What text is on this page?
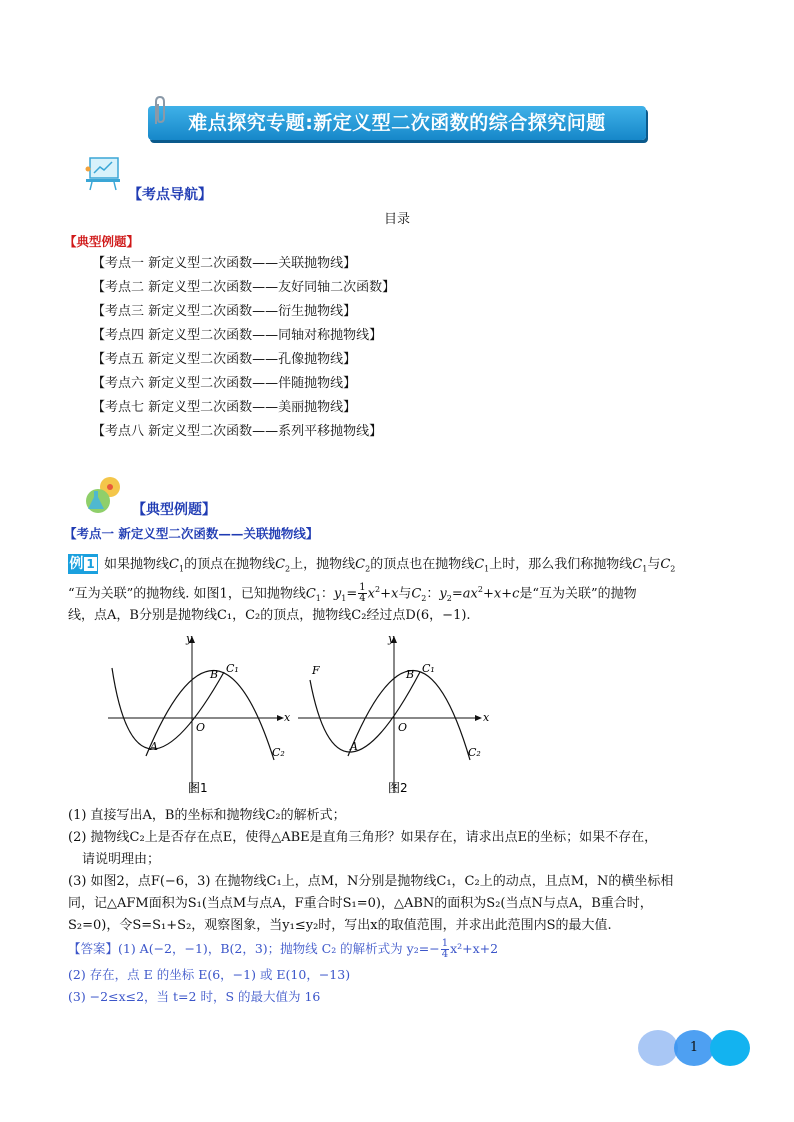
难点探究专题:新定义型二次函数的综合探究问题
【考点导航】
目录
【典型例题】
【考点一 新定义型二次函数——关联抛物线】
【考点二 新定义型二次函数——友好同轴二次函数】
【考点三 新定义型二次函数——衍生抛物线】
【考点四 新定义型二次函数——同轴对称抛物线】
【考点五 新定义型二次函数——孔像抛物线】
【考点六 新定义型二次函数——伴随抛物线】
【考点七 新定义型二次函数——美丽抛物线】
【考点八 新定义型二次函数——系列平移抛物线】
【典型例题】
【考点一 新定义型二次函数——关联抛物线】
例 1 如果抛物线$C_1$的顶点在抛物线$C_2$上，抛物线$C_2$的顶点也在抛物线$C_1$上时，那么我们称抛物线$C_1$与$C_2$
“互为关联”的抛物线. 如图1，已知抛物线$C_1$：$y_1= \frac{1}{4} x^2+x$与$C_2$：$y_2=ax^2+x+c$是“互为关联”的抛物
线，点A，B分别是抛物线C₁，C₂的顶点，抛物线C₂经过点D(6，−1).
y
x
O
A
B C₁
C₂
图1
y
x
O
F
A
B C₁
C₂
图2
(1) 直接写出A，B的坐标和抛物线C₂的解析式；
(2) 抛物线C₂上是否存在点E，使得△ABE是直角三角形？如果存在，请求出点E的坐标；如果不存在，
请说明理由；
(3) 如图2，点F(−6，3) 在抛物线C₁上，点M，N分别是抛物线C₁，C₂上的动点，且点M，N的横坐标相
同，记△AFM面积为S₁(当点M与点A，F重合时S₁=0)，△ABN的面积为S₂(当点N与点A，B重合时，
S₂=0)，令S=S₁+S₂，观察图象，当y₁≤y₂时，写出x的取值范围，并求出此范围内S的最大值.
【答案】(1) A(−2，−1)，B(2，3)；抛物线 C₂ 的解析式为 $y_2=- \frac{1}{4} x^2+x+2$
(2) 存在，点 E 的坐标 E(6，−1) 或 E(10，−13)
(3) −2≤x≤2，当 t=2 时，S 的最大值为 16
1
